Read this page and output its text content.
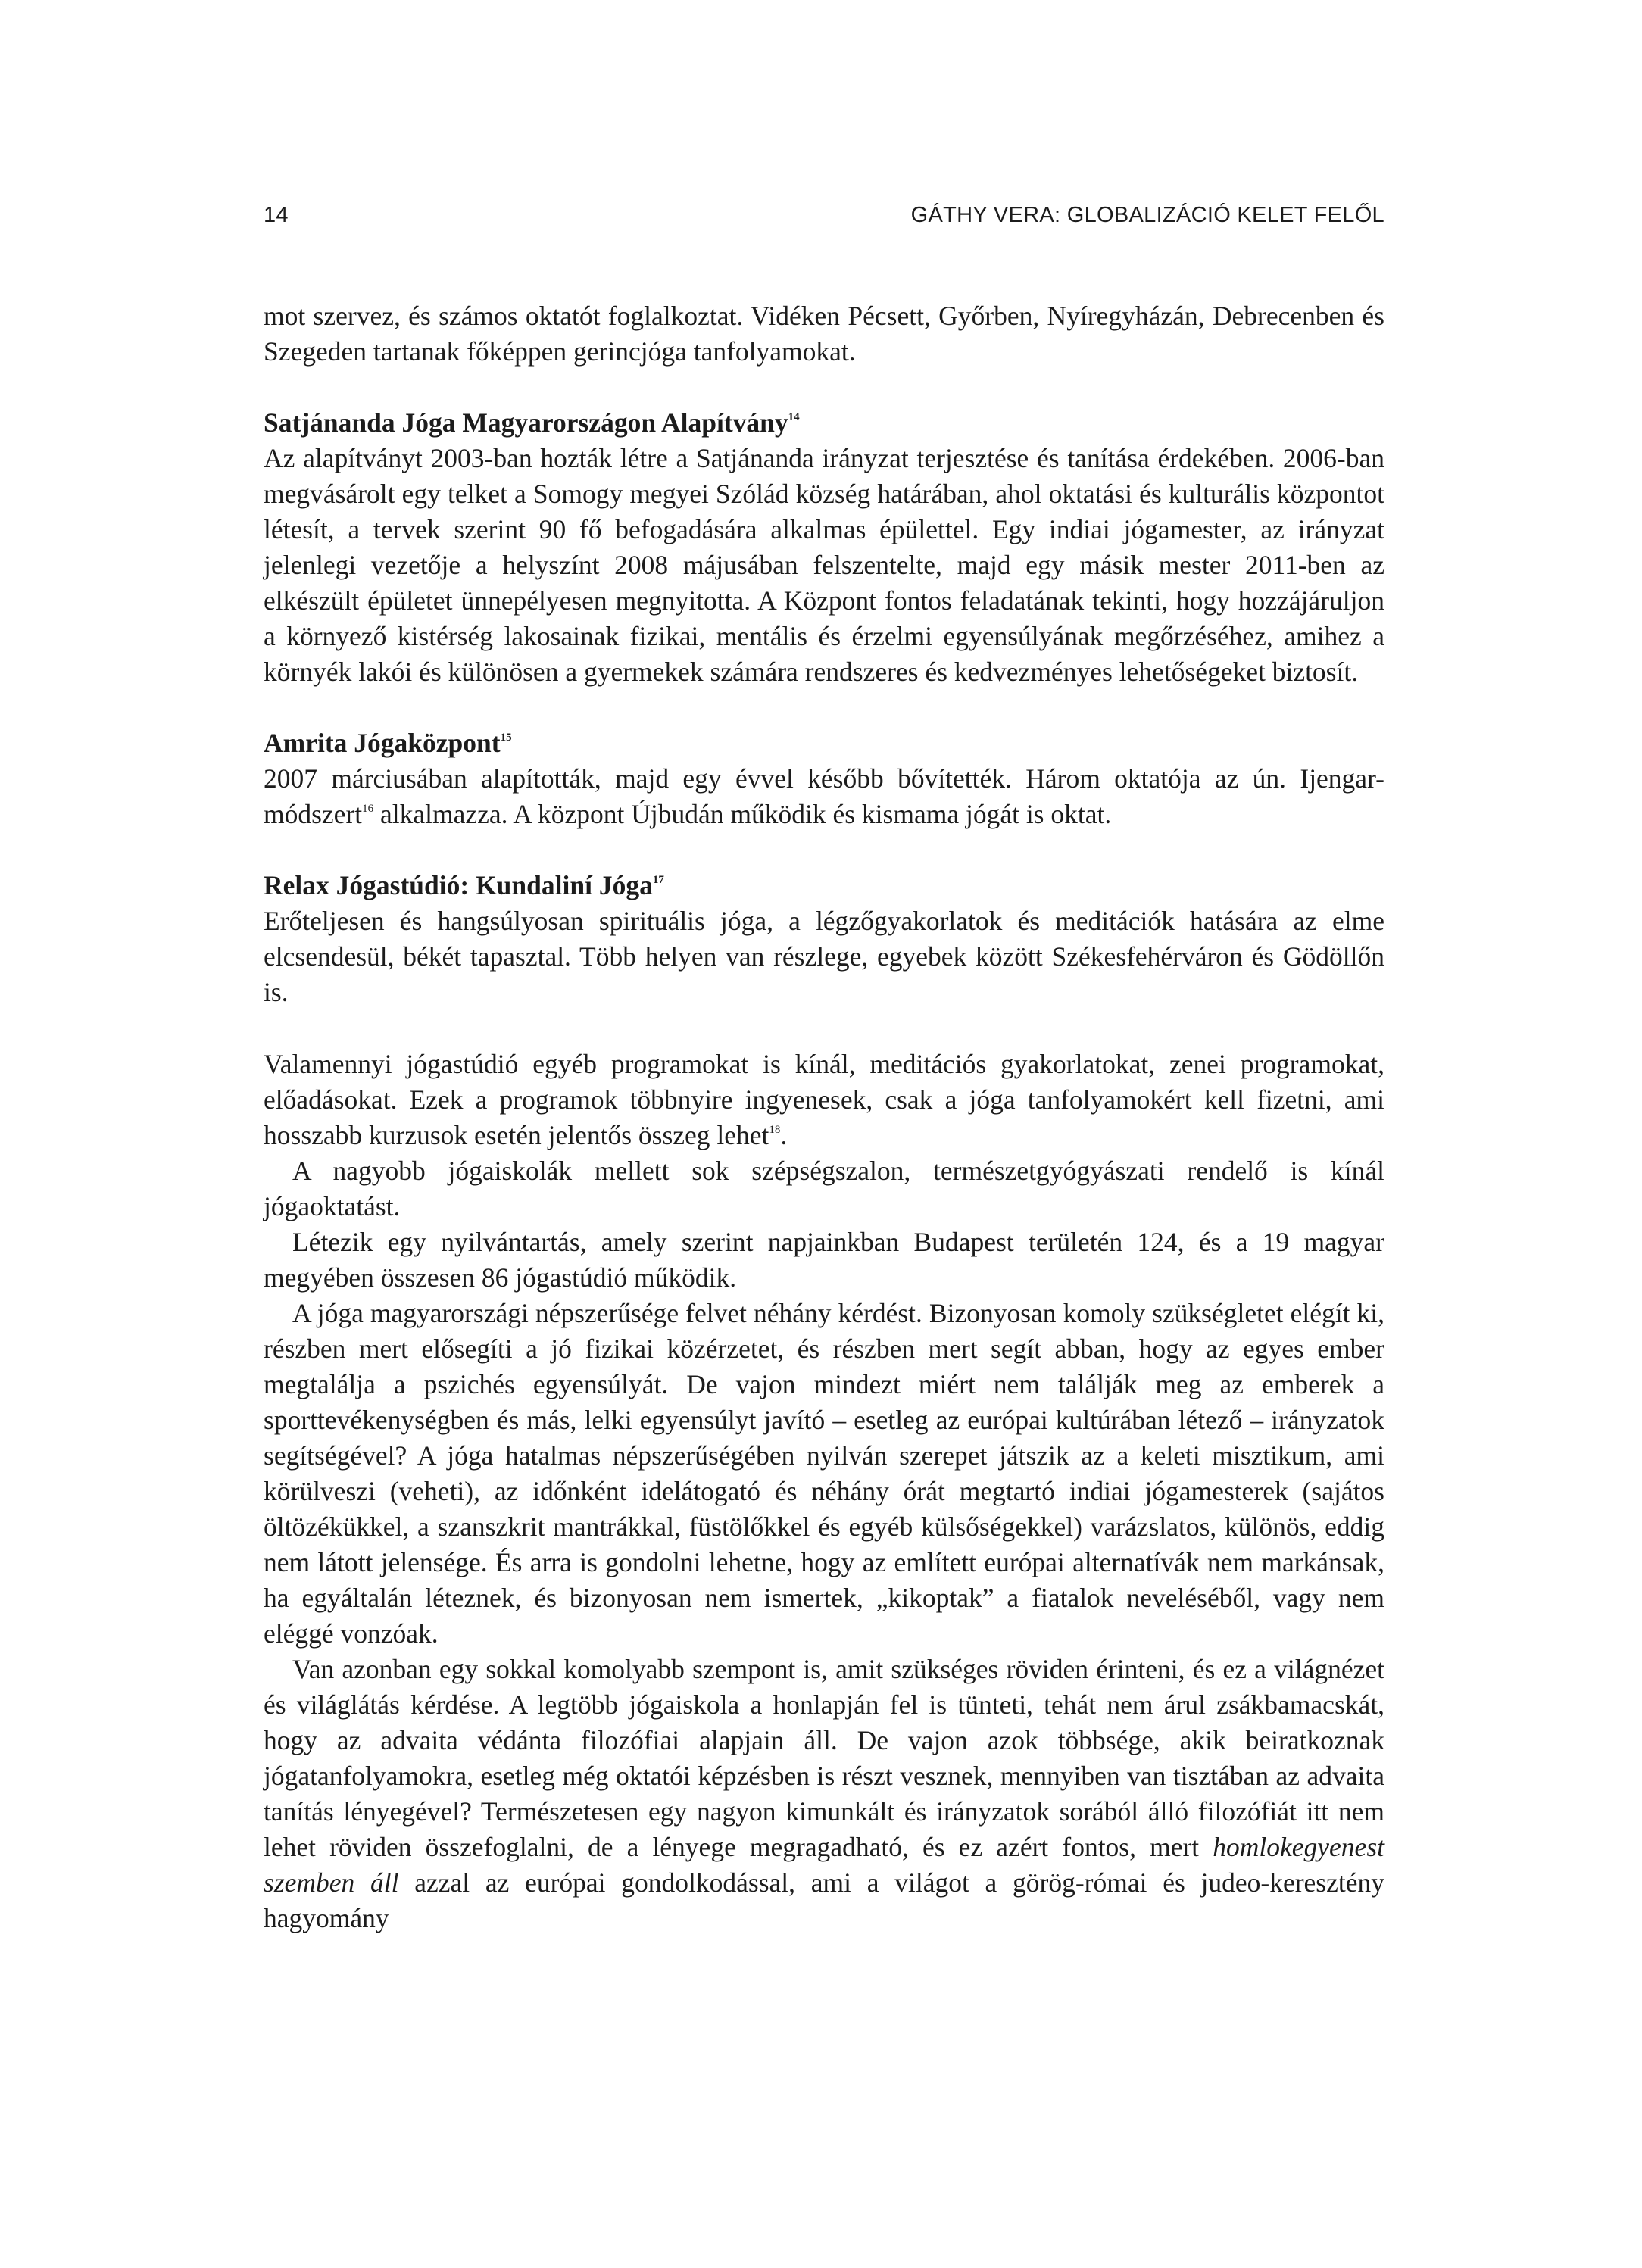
14	GÁTHY VERA: GLOBALIZÁCIÓ KELET FELŐL

mot szervez, és számos oktatót foglalkoztat. Vidéken Pécsett, Győrben, Nyíregyházán, Debrecenben és Szegeden tartanak főképpen gerincjóga tanfolyamokat.

Satjánanda Jóga Magyarországon Alapítvány$^{14}$

Az alapítványt 2003-ban hozták létre a Satjánanda irányzat terjesztése és tanítása érdekében. 2006-ban megvásárolt egy telket a Somogy megyei Szólád község határában, ahol oktatási és kulturális központot létesít, a tervek szerint 90 fő befogadására alkalmas épülettel. Egy indiai jógamester, az irányzat jelenlegi vezetője a helyszínt 2008 májusában felszentelte, majd egy másik mester 2011-ben az elkészült épületet ünnepélyesen megnyitotta. A Központ fontos feladatának tekinti, hogy hozzájáruljon a környező kistérség lakosainak fizikai, mentális és érzelmi egyensúlyának megőrzéséhez, amihez a környék lakói és különösen a gyermekek számára rendszeres és kedvezményes lehetőségeket biztosít.

Amrita Jógaközpont$^{15}$

2007 márciusában alapították, majd egy évvel később bővítették. Három oktatója az ún. Ijengar-módszert$^{16}$ alkalmazza. A központ Újbudán működik és kismama jógát is oktat.

Relax Jógastúdió: Kundaliní Jóga$^{17}$

Erőteljesen és hangsúlyosan spirituális jóga, a légzőgyakorlatok és meditációk hatására az elme elcsendesül, békét tapasztal. Több helyen van részlege, egyebek között Székesfehérváron és Gödöllőn is.

Valamennyi jógastúdió egyéb programokat is kínál, meditációs gyakorlatokat, zenei programokat, előadásokat. Ezek a programok többnyire ingyenesek, csak a jóga tanfolyamokért kell fizetni, ami hosszabb kurzusok esetén jelentős összeg lehet$^{18}$.

A nagyobb jógaiskolák mellett sok szépségszalon, természetgyógyászati rendelő is kínál jógaoktatást.

Létezik egy nyilvántartás, amely szerint napjainkban Budapest területén 124, és a 19 magyar megyében összesen 86 jógastúdió működik.

A jóga magyarországi népszerűsége felvet néhány kérdést. Bizonyosan komoly szükségletet elégít ki, részben mert elősegíti a jó fizikai közérzetet, és részben mert segít abban, hogy az egyes ember megtalálja a pszichés egyensúlyát. De vajon mindezt miért nem találják meg az emberek a sporttevékenységben és más, lelki egyensúlyt javító – esetleg az európai kultúrában létező – irányzatok segítségével? A jóga hatalmas népszerűségében nyilván szerepet játszik az a keleti misztikum, ami körülveszi (veheti), az időnként idelátogató és néhány órát megtartó indiai jógamesterek (sajátos öltözékükkel, a szanszkrit mantrákkal, füstölőkkel és egyéb külsőségekkel) varázslatos, különös, eddig nem látott jelensége. És arra is gondolni lehetne, hogy az említett európai alternatívák nem markánsak, ha egyáltalán léteznek, és bizonyosan nem ismertek, „kikoptak” a fiatalok neveléséből, vagy nem eléggé vonzóak.

Van azonban egy sokkal komolyabb szempont is, amit szükséges röviden érinteni, és ez a világnézet és világlátás kérdése. A legtöbb jógaiskola a honlapján fel is tünteti, tehát nem árul zsákbamacskát, hogy az advaita védánta filozófiai alapjain áll. De vajon azok többsége, akik beiratkoznak jógatanfolyamokra, esetleg még oktatói képzésben is részt vesznek, mennyiben van tisztában az advaita tanítás lényegével? Természetesen egy nagyon kimunkált és irányzatok sorából álló filozófiát itt nem lehet röviden összefoglalni, de a lényege megragadható, és ez azért fontos, mert homlokegyenest szemben áll azzal az európai gondolkodással, ami a világot a görög-római és judeo-keresztény hagyomány
